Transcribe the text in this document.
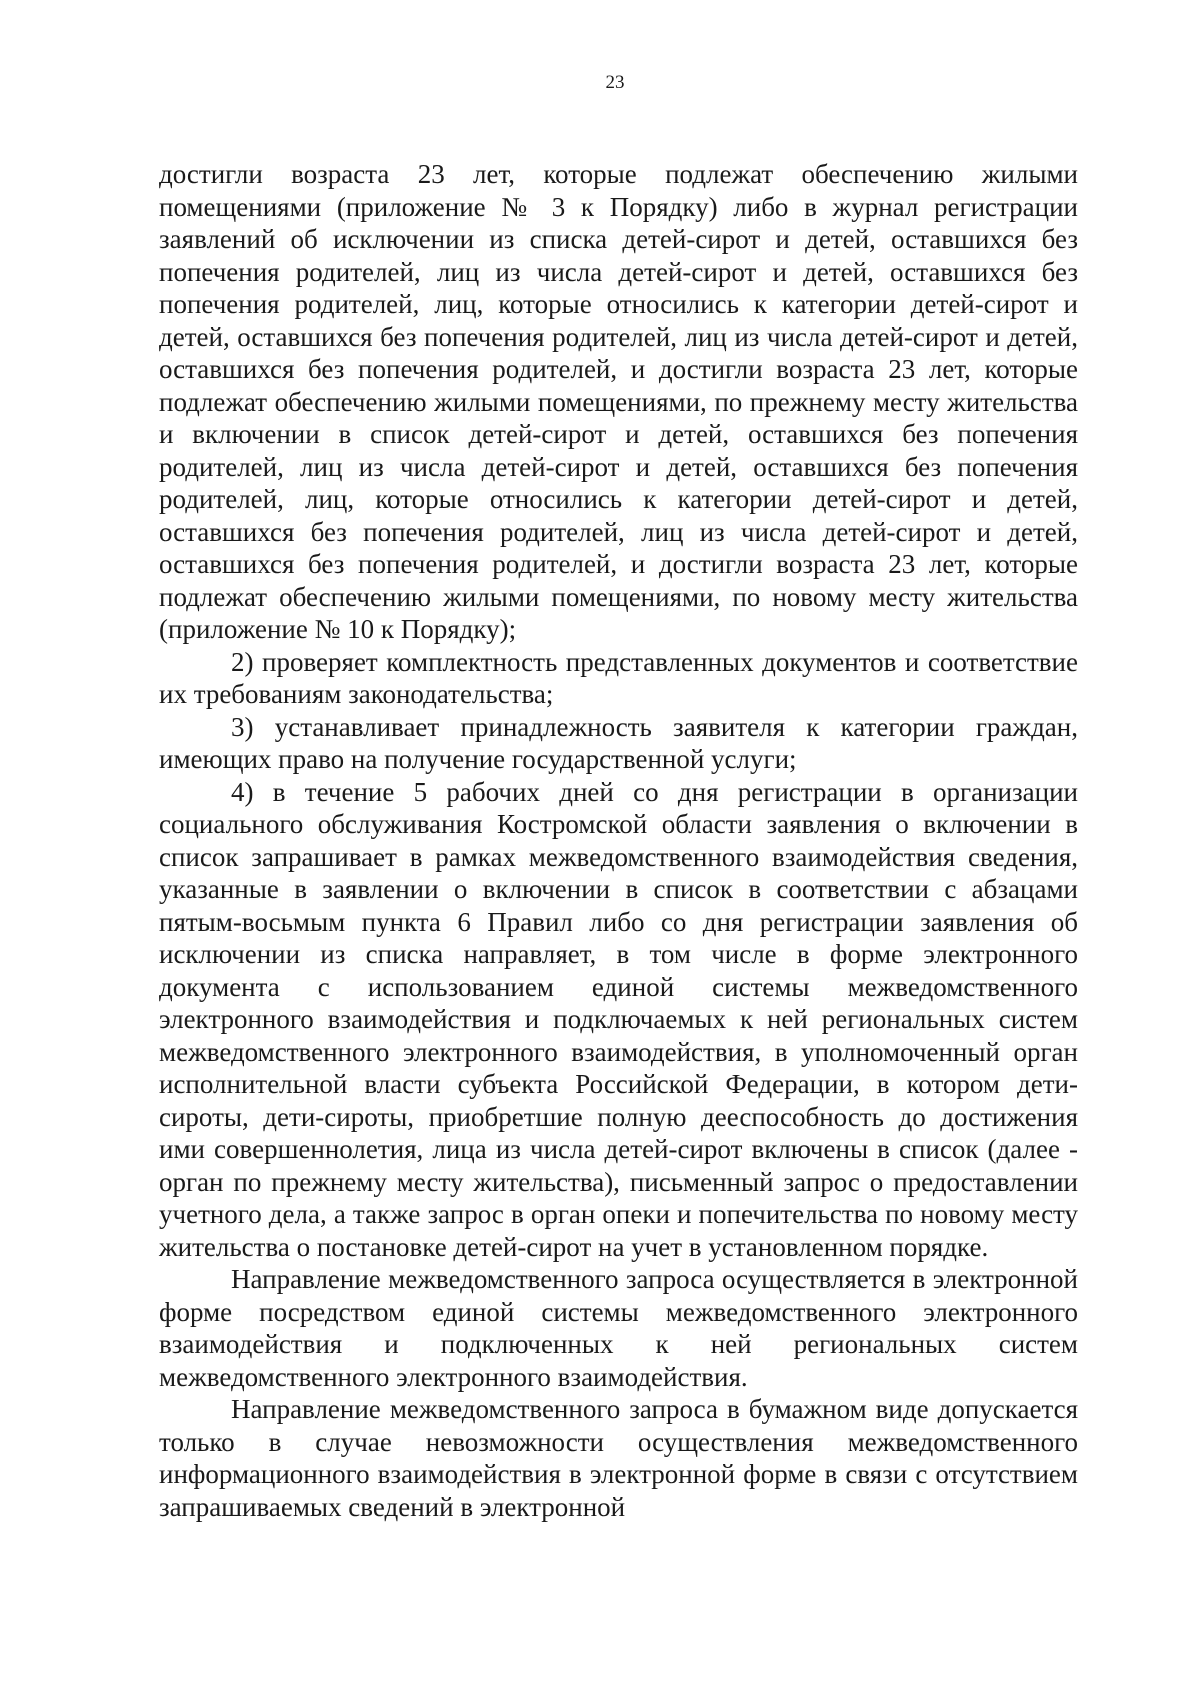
23

достигли возраста 23 лет, которые подлежат обеспечению жилыми помещениями (приложение № 3 к Порядку) либо в журнал регистрации заявлений об исключении из списка детей-сирот и детей, оставшихся без попечения родителей, лиц из числа детей-сирот и детей, оставшихся без попечения родителей, лиц, которые относились к категории детей-сирот и детей, оставшихся без попечения родителей, лиц из числа детей-сирот и детей, оставшихся без попечения родителей, и достигли возраста 23 лет, которые подлежат обеспечению жилыми помещениями, по прежнему месту жительства и включении в список детей-сирот и детей, оставшихся без попечения родителей, лиц из числа детей-сирот и детей, оставшихся без попечения родителей, лиц, которые относились к категории детей-сирот и детей, оставшихся без попечения родителей, лиц из числа детей-сирот и детей, оставшихся без попечения родителей, и достигли возраста 23 лет, которые подлежат обеспечению жилыми помещениями, по новому месту жительства (приложение № 10 к Порядку);

2) проверяет комплектность представленных документов и соответствие их требованиям законодательства;

3) устанавливает принадлежность заявителя к категории граждан, имеющих право на получение государственной услуги;

4) в течение 5 рабочих дней со дня регистрации в организации социального обслуживания Костромской области заявления о включении в список запрашивает в рамках межведомственного взаимодействия сведения, указанные в заявлении о включении в список в соответствии с абзацами пятым-восьмым пункта 6 Правил либо со дня регистрации заявления об исключении из списка направляет, в том числе в форме электронного документа с использованием единой системы межведомственного электронного взаимодействия и подключаемых к ней региональных систем межведомственного электронного взаимодействия, в уполномоченный орган исполнительной власти субъекта Российской Федерации, в котором дети-сироты, дети-сироты, приобретшие полную дееспособность до достижения ими совершеннолетия, лица из числа детей-сирот включены в список (далее - орган по прежнему месту жительства), письменный запрос о предоставлении учетного дела, а также запрос в орган опеки и попечительства по новому месту жительства о постановке детей-сирот на учет в установленном порядке.

Направление межведомственного запроса осуществляется в электронной форме посредством единой системы межведомственного электронного взаимодействия и подключенных к ней региональных систем межведомственного электронного взаимодействия.

Направление межведомственного запроса в бумажном виде допускается только в случае невозможности осуществления межведомственного информационного взаимодействия в электронной форме в связи с отсутствием запрашиваемых сведений в электронной
